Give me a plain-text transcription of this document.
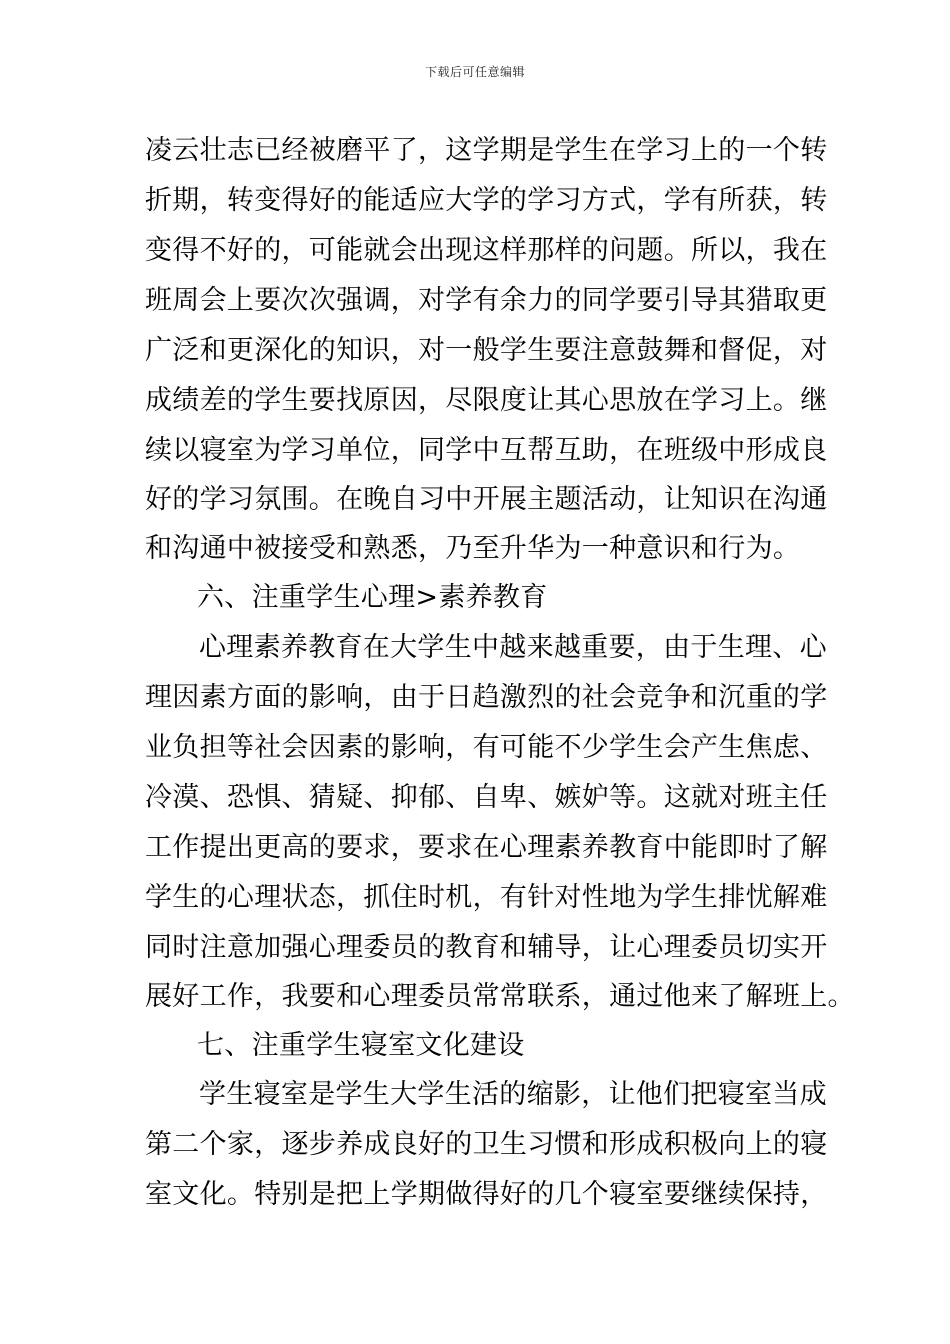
下载后可任意编辑
凌云壮志已经被磨平了，这学期是学生在学习上的一个转
折期，转变得好的能适应大学的学习方式，学有所获，转
变得不好的，可能就会出现这样那样的问题。所以，我在
班周会上要次次强调，对学有余力的同学要引导其猎取更
广泛和更深化的知识，对一般学生要注意鼓舞和督促，对
成绩差的学生要找原因，尽限度让其心思放在学习上。继
续以寝室为学习单位，同学中互帮互助，在班级中形成良
好的学习氛围。在晚自习中开展主题活动，让知识在沟通
和沟通中被接受和熟悉，乃至升华为一种意识和行为。
六、注重学生心理>素养教育
心理素养教育在大学生中越来越重要，由于生理、心
理因素方面的影响，由于日趋激烈的社会竞争和沉重的学
业负担等社会因素的影响，有可能不少学生会产生焦虑、
冷漠、恐惧、猜疑、抑郁、自卑、嫉妒等。这就对班主任
工作提出更高的要求，要求在心理素养教育中能即时了解
学生的心理状态，抓住时机，有针对性地为学生排忧解难
同时注意加强心理委员的教育和辅导，让心理委员切实开
展好工作，我要和心理委员常常联系，通过他来了解班上。
七、注重学生寝室文化建设
学生寝室是学生大学生活的缩影，让他们把寝室当成
第二个家，逐步养成良好的卫生习惯和形成积极向上的寝
室文化。特别是把上学期做得好的几个寝室要继续保持，
